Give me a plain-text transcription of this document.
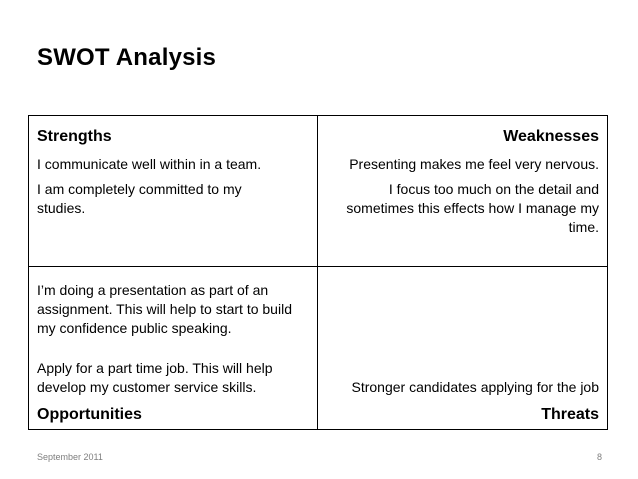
SWOT Analysis
Strengths

I communicate well within in a team.

I am completely committed to my studies.

Weaknesses

Presenting makes me feel very nervous.

I focus too much on the detail and sometimes this effects how I manage my time.

I’m doing a presentation as part of an assignment. This will help to start to build my confidence public speaking.

Apply for a part time job. This will help develop my customer service skills.

Opportunities

Stronger candidates applying for the job

Threats
September 2011	8
